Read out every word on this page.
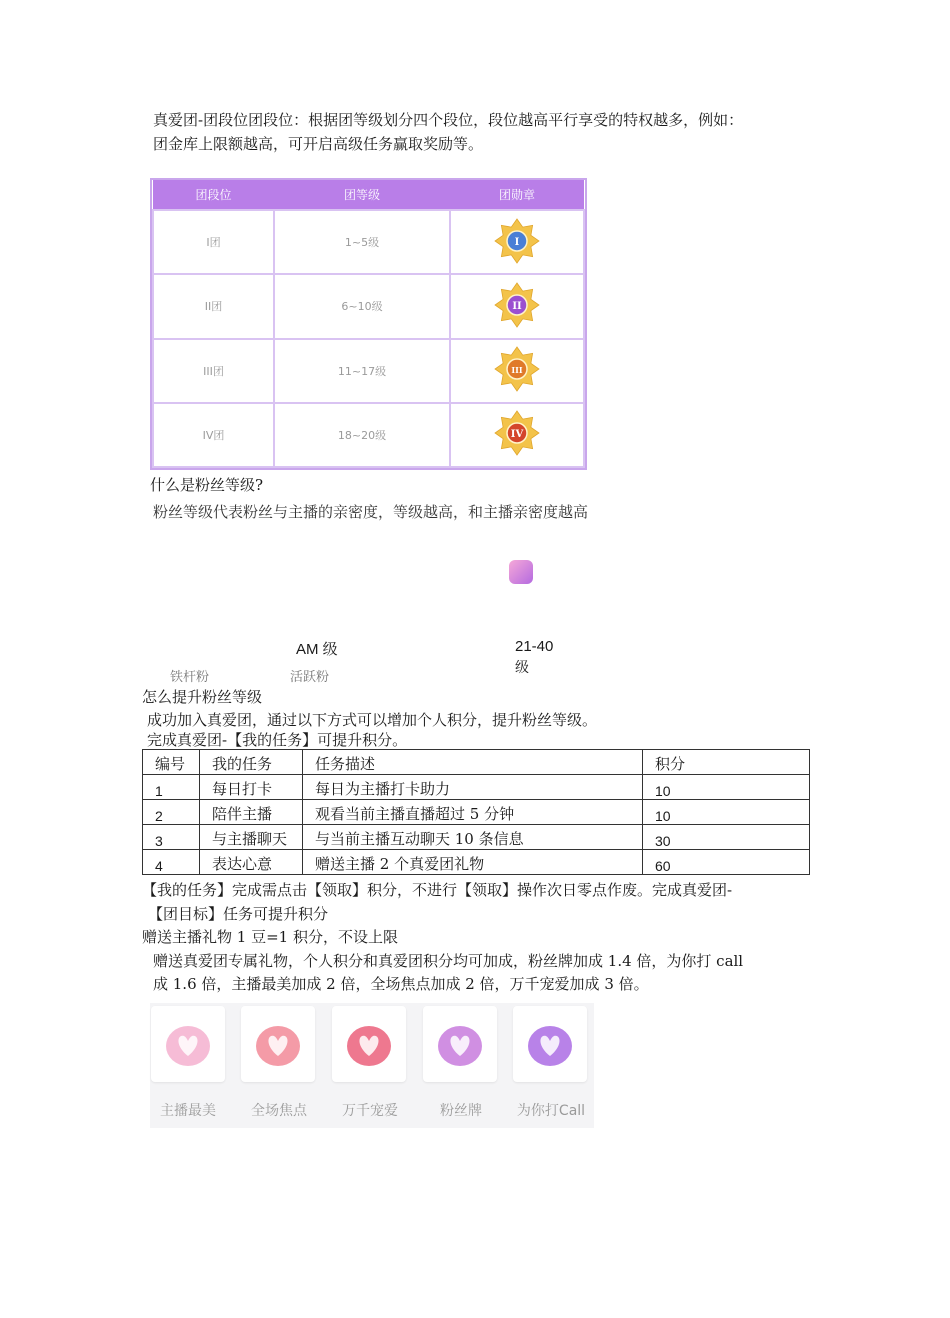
真爱团-团段位团段位：根据团等级划分四个段位，段位越高平行享受的特权越多，例如：
团金库上限额越高，可开启高级任务赢取奖励等。
团段位	团等级	团勋章
I团	1~5级	I

II团	6~10级	II

III团	11~17级	III

IV团	18~20级	IV
什么是粉丝等级?
粉丝等级代表粉丝与主播的亲密度，等级越高，和主播亲密度越高
AM 级	21-40
级
铁杆粉	活跃粉
怎么提升粉丝等级
成功加入真爱团，通过以下方式可以增加个人积分，提升粉丝等级。
完成真爱团-【我的任务】可提升积分。
编号	我的任务	任务描述	积分
1	每日打卡	每日为主播打卡助力	10
2	陪伴主播	观看当前主播直播超过 5 分钟	10
3	与主播聊天	与当前主播互动聊天 10 条信息	30
4	表达心意	赠送主播 2 个真爱团礼物	60
【我的任务】完成需点击【领取】积分，不进行【领取】操作次日零点作废。完成真爱团-
【团目标】任务可提升积分
赠送主播礼物 1 豆=1 积分，不设上限
赠送真爱团专属礼物，个人积分和真爱团积分均可加成，粉丝牌加成 1.4 倍，为你打 call
成 1.6 倍，主播最美加成 2 倍，全场焦点加成 2 倍，万千宠爱加成 3 倍。
主播最美	全场焦点	万千宠爱	粉丝牌	为你打Call
